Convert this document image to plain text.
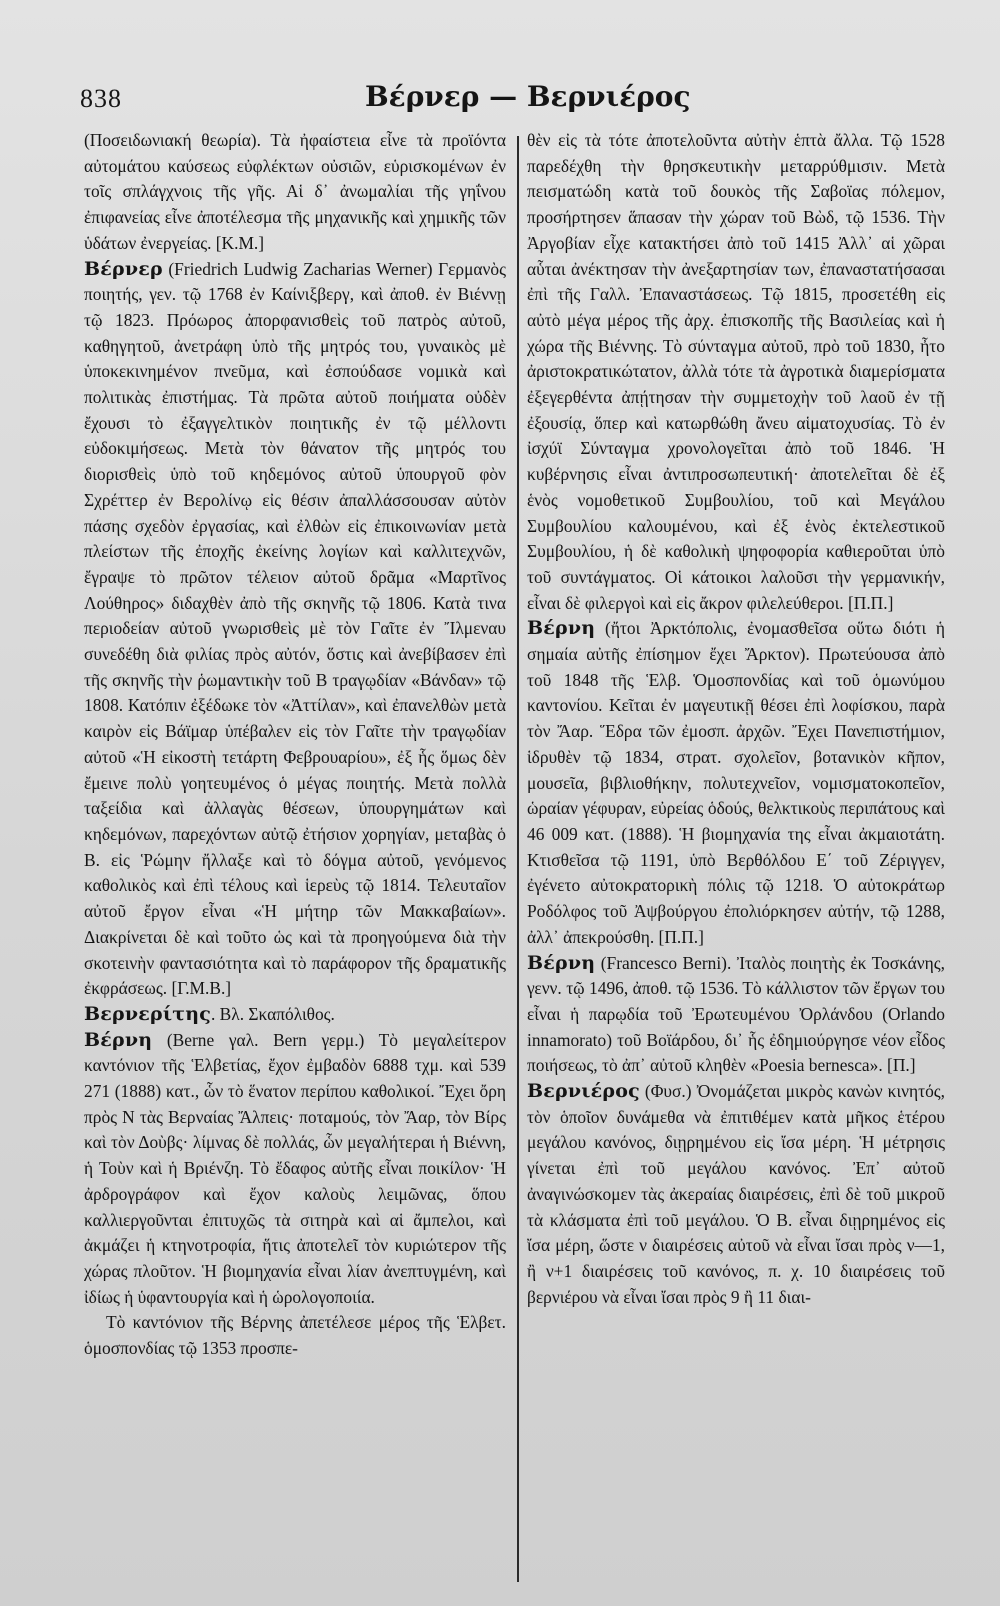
838	Βέρνερ — Βερνιέρος

(Ποσειδωνιακή θεωρία). Τὰ ἠφαίστεια εἶνε τὰ προϊόντα αὐτομάτου καύσεως εὐφλέκτων οὐσιῶν, εὑρισκομένων ἐν τοῖς σπλάγχνοις τῆς γῆς. Αἱ δ᾿ ἀνωμαλίαι τῆς γηΐνου ἐπιφανείας εἶνε ἀποτέλεσμα τῆς μηχανικῆς καὶ χημικῆς τῶν ὑδάτων ἐνεργείας. [Κ.Μ.]

Βέρνερ (Friedrich Ludwig Zacharias Werner) Γερμανὸς ποιητής, γεν. τῷ 1768 ἐν Καίνιξβεργ, καὶ ἀποθ. ἐν Βιέννῃ τῷ 1823. Πρόωρος ἀπορφανισθεὶς τοῦ πατρὸς αὐτοῦ, καθηγητοῦ, ἀνετράφη ὑπὸ τῆς μητρός του, γυναικὸς μὲ ὑποκεκινημένον πνεῦμα, καὶ ἐσπούδασε νομικὰ καὶ πολιτικὰς ἐπιστήμας. Τὰ πρῶτα αὐτοῦ ποιήματα οὐδὲν ἔχουσι τὸ ἐξαγγελτικὸν ποιητικῆς ἐν τῷ μέλλοντι εὐδοκιμήσεως. Μετὰ τὸν θάνατον τῆς μητρός του διορισθεὶς ὑπὸ τοῦ κηδεμόνος αὐτοῦ ὑπουργοῦ φὸν Σχρέττερ ἐν Βερολίνῳ εἰς θέσιν ἀπαλλάσσουσαν αὐτὸν πάσης σχεδὸν ἐργασίας, καὶ ἐλθὼν εἰς ἐπικοινωνίαν μετὰ πλείστων τῆς ἐποχῆς ἐκείνης λογίων καὶ καλλιτεχνῶν, ἔγραψε τὸ πρῶτον τέλειον αὐτοῦ δρᾶμα «Μαρτῖνος Λούθηρος» διδαχθὲν ἀπὸ τῆς σκηνῆς τῷ 1806. Κατὰ τινα περιοδείαν αὐτοῦ γνωρισθεὶς μὲ τὸν Γαῖτε ἐν Ἴλμεναυ συνεδέθη διὰ φιλίας πρὸς αὐτόν, ὅστις καὶ ἀνεβίβασεν ἐπὶ τῆς σκηνῆς τὴν ῥωμαντικὴν τοῦ Β τραγῳδίαν «Βάνδαν» τῷ 1808. Κατόπιν ἐξέδωκε τὸν «Ἀττίλαν», καὶ ἐπανελθὼν μετὰ καιρὸν εἰς Βάϊμαρ ὑπέβαλεν εἰς τὸν Γαῖτε τὴν τραγῳδίαν αὐτοῦ «Ἡ εἰκοστὴ τετάρτη Φεβρουαρίου», ἐξ ἧς ὅμως δὲν ἔμεινε πολὺ γοητευμένος ὁ μέγας ποιητής. Μετὰ πολλὰ ταξείδια καὶ ἀλλαγὰς θέσεων, ὑπουργημάτων καὶ κηδεμόνων, παρεχόντων αὐτῷ ἐτήσιον χορηγίαν, μεταβὰς ὁ Β. εἰς Ῥώμην ἤλλαξε καὶ τὸ δόγμα αὐτοῦ, γενόμενος καθολικὸς καὶ ἐπὶ τέλους καὶ ἱερεὺς τῷ 1814. Τελευταῖον αὐτοῦ ἔργον εἶναι «Ἡ μήτηρ τῶν Μακκαβαίων». Διακρίνεται δὲ καὶ τοῦτο ὡς καὶ τὰ προηγούμενα διὰ τὴν σκοτεινὴν φαντασιότητα καὶ τὸ παράφορον τῆς δραματικῆς ἐκφράσεως. [Γ.Μ.Β.]

Βερνερίτης. Βλ. Σκαπόλιθος.

Βέρνη (Berne γαλ. Bern γερμ.) Τὸ μεγαλείτερον καντόνιον τῆς Ἑλβετίας, ἔχον ἐμβαδὸν 6888 τχμ. καὶ 539 271 (1888) κατ., ὧν τὸ ἕνατον περίπου καθολικοί. Ἔχει ὄρη πρὸς Ν τὰς Βερναίας Ἄλπεις· ποταμούς, τὸν Ἄαρ, τὸν Βίρς καὶ τὸν Δοὺβς· λίμνας δὲ πολλάς, ὧν μεγαλήτεραι ἡ Βιέννη, ἡ Τοὺν καὶ ἡ Βριένζη. Τὸ ἔδαφος αὐτῆς εἶναι ποικίλον· Ἡ ἀρδρογράφον καὶ ἔχον καλοὺς λειμῶνας, ὅπου καλλιεργοῦνται ἐπιτυχῶς τὰ σιτηρὰ καὶ αἱ ἄμπελοι, καὶ ἀκμάζει ἡ κτηνοτροφία, ἥτις ἀποτελεῖ τὸν κυριώτερον τῆς χώρας πλοῦτον. Ἡ βιομηχανία εἶναι λίαν ἀνεπτυγμένη, καὶ ἰδίως ἡ ὑφαντουργία καὶ ἡ ὡρολογοποιία.

Τὸ καντόνιον τῆς Βέρνης ἀπετέλεσε μέρος τῆς Ἑλβετ. ὁμοσπονδίας τῷ 1353 προσπε-

θὲν εἰς τὰ τότε ἀποτελοῦντα αὐτὴν ἑπτὰ ἄλλα. Τῷ 1528 παρεδέχθη τὴν θρησκευτικὴν μεταρρύθμισιν. Μετὰ πεισματώδη κατὰ τοῦ δουκὸς τῆς Σαβοϊας πόλεμον, προσήρτησεν ἅπασαν τὴν χώραν τοῦ Βὼδ, τῷ 1536. Τὴν Ἀργοβίαν εἶχε κατακτήσει ἀπὸ τοῦ 1415 Ἀλλ᾿ αἱ χῶραι αὗται ἀνέκτησαν τὴν ἀνεξαρτησίαν των, ἐπαναστατήσασαι ἐπὶ τῆς Γαλλ. Ἐπαναστάσεως. Τῷ 1815, προσετέθη εἰς αὐτὸ μέγα μέρος τῆς ἀρχ. ἐπισκοπῆς τῆς Βασιλείας καὶ ἡ χώρα τῆς Βιέννης. Τὸ σύνταγμα αὐτοῦ, πρὸ τοῦ 1830, ἦτο ἀριστοκρατικώτατον, ἀλλὰ τότε τὰ ἀγροτικὰ διαμερίσματα ἐξεγερθέντα ἀπῄτησαν τὴν συμμετοχὴν τοῦ λαοῦ ἐν τῇ ἐξουσίᾳ, ὅπερ καὶ κατωρθώθη ἄνευ αἱματοχυσίας. Τὸ ἐν ἰσχύϊ Σύνταγμα χρονολογεῖται ἀπὸ τοῦ 1846. Ἡ κυβέρνησις εἶναι ἀντιπροσωπευτική· ἀποτελεῖται δὲ ἐξ ἑνὸς νομοθετικοῦ Συμβουλίου, τοῦ καὶ Μεγάλου Συμβουλίου καλουμένου, καὶ ἐξ ἑνὸς ἐκτελεστικοῦ Συμβουλίου, ἡ δὲ καθολικὴ ψηφοφορία καθιεροῦται ὑπὸ τοῦ συντάγματος. Οἱ κάτοικοι λαλοῦσι τὴν γερμανικήν, εἶναι δὲ φιλεργοὶ καὶ εἰς ἄκρον φιλελεύθεροι. [Π.Π.]

Βέρνη (ἤτοι Ἀρκτόπολις, ἐνομασθεῖσα οὕτω διότι ἡ σημαία αὐτῆς ἐπίσημον ἔχει Ἄρκτον). Πρωτεύουσα ἀπὸ τοῦ 1848 τῆς Ἑλβ. Ὁμοσπονδίας καὶ τοῦ ὁμωνύμου καντονίου. Κεῖται ἐν μαγευτικῇ θέσει ἐπὶ λοφίσκου, παρὰ τὸν Ἄαρ. Ἕδρα τῶν ἐμοσπ. ἀρχῶν. Ἔχει Πανεπιστήμιον, ἱδρυθὲν τῷ 1834, στρατ. σχολεῖον, βοτανικὸν κῆπον, μουσεῖα, βιβλιοθήκην, πολυτεχνεῖον, νομισματοκοπεῖον, ὡραίαν γέφυραν, εὐρείας ὁδούς, θελκτικοὺς περιπάτους καὶ 46 009 κατ. (1888). Ἡ βιομηχανία της εἶναι ἀκμαιοτάτη. Κτισθεῖσα τῷ 1191, ὑπὸ Βερθόλδου Ε΄ τοῦ Ζέριγγεν, ἐγένετο αὐτοκρατορικὴ πόλις τῷ 1218. Ὁ αὐτοκράτωρ Ροδόλφος τοῦ Ἀψβούργου ἐπολιόρκησεν αὐτήν, τῷ 1288, ἀλλ᾿ ἀπεκρούσθη. [Π.Π.]

Βέρνη (Francesco Berni). Ἰταλὸς ποιητὴς ἐκ Τοσκάνης, γενν. τῷ 1496, ἀποθ. τῷ 1536. Τὸ κάλλιστον τῶν ἔργων του εἶναι ἡ παρῳδία τοῦ Ἐρωτευμένου Ὀρλάνδου (Orlando innamorato) τοῦ Βοϊάρδου, δι᾿ ἧς ἐδημιούργησε νέον εἶδος ποιήσεως, τὸ ἀπ᾿ αὐτοῦ κληθὲν «Poesia bernesca». [Π.]

Βερνιέρος (Φυσ.) Ὀνομάζεται μικρὸς κανὼν κινητός, τὸν ὁποῖον δυνάμεθα νὰ ἐπιτιθέμεν κατὰ μῆκος ἑτέρου μεγάλου κανόνος, διῃρημένου εἰς ἴσα μέρη. Ἡ μέτρησις γίνεται ἐπὶ τοῦ μεγάλου κανόνος. Ἐπ᾿ αὐτοῦ ἀναγινώσκομεν τὰς ἀκεραίας διαιρέσεις, ἐπὶ δὲ τοῦ μικροῦ τὰ κλάσματα ἐπὶ τοῦ μεγάλου. Ὁ Β. εἶναι διῃρημένος εἰς ἴσα μέρη, ὥστε ν διαιρέσεις αὐτοῦ νὰ εἶναι ἴσαι πρὸς ν—1, ἢ ν+1 διαιρέσεις τοῦ κανόνος, π. χ. 10 διαιρέσεις τοῦ βερνιέρου νὰ εἶναι ἴσαι πρὸς 9 ἢ 11 διαι-
